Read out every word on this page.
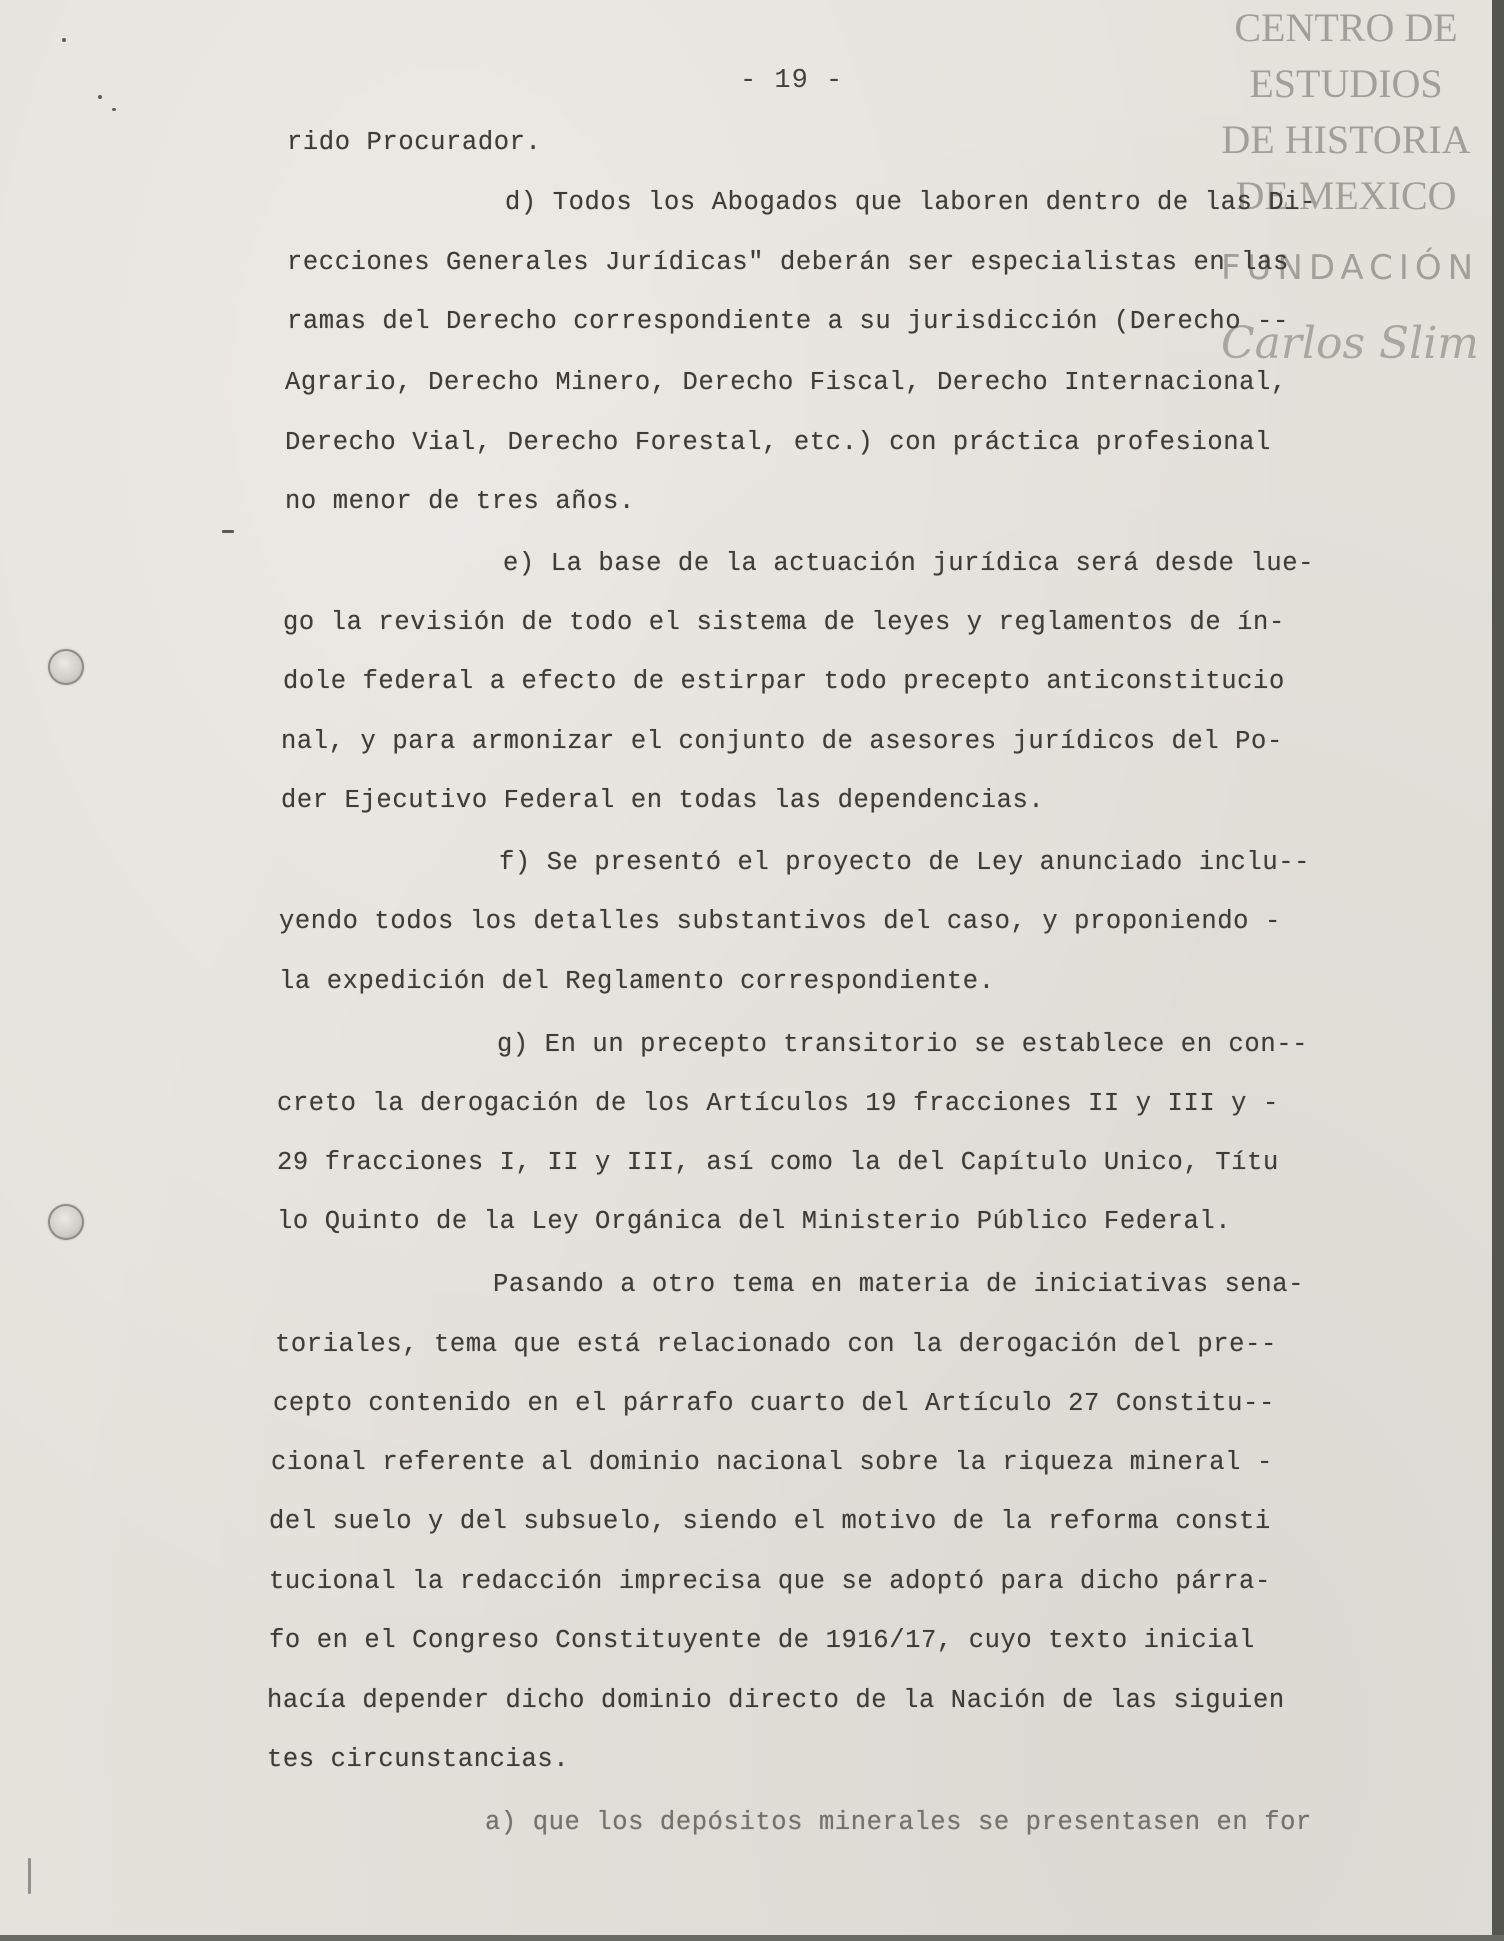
- 19 -
CENTRO DE
ESTUDIOS
DE HISTORIA
DE MEXICO
FUNDACIÓN
Carlos Slim
rido Procurador.
d) Todos los Abogados que laboren dentro de las Di-
recciones Generales Jurídicas" deberán ser especialistas en las
ramas del Derecho correspondiente a su jurisdicción (Derecho --
Agrario, Derecho Minero, Derecho Fiscal, Derecho Internacional,
Derecho Vial, Derecho Forestal, etc.) con práctica profesional
no menor de tres años.
e) La base de la actuación jurídica será desde lue-
go la revisión de todo el sistema de leyes y reglamentos de ín-
dole federal a efecto de estirpar todo precepto anticonstitucio
nal, y para armonizar el conjunto de asesores jurídicos del Po-
der Ejecutivo Federal en todas las dependencias.
f) Se presentó el proyecto de Ley anunciado inclu--
yendo todos los detalles substantivos del caso, y proponiendo -
la expedición del Reglamento correspondiente.
g) En un precepto transitorio se establece en con--
creto la derogación de los Artículos 19 fracciones II y III y -
29 fracciones I, II y III, así como la del Capítulo Unico, Títu
lo Quinto de la Ley Orgánica del Ministerio Público Federal.
Pasando a otro tema en materia de iniciativas sena-
toriales, tema que está relacionado con la derogación del pre--
cepto contenido en el párrafo cuarto del Artículo 27 Constitu--
cional referente al dominio nacional sobre la riqueza mineral -
del suelo y del subsuelo, siendo el motivo de la reforma consti
tucional la redacción imprecisa que se adoptó para dicho párra-
fo en el Congreso Constituyente de 1916/17, cuyo texto inicial
hacía depender dicho dominio directo de la Nación de las siguien
tes circunstancias.
a) que los depósitos minerales se presentasen en for
